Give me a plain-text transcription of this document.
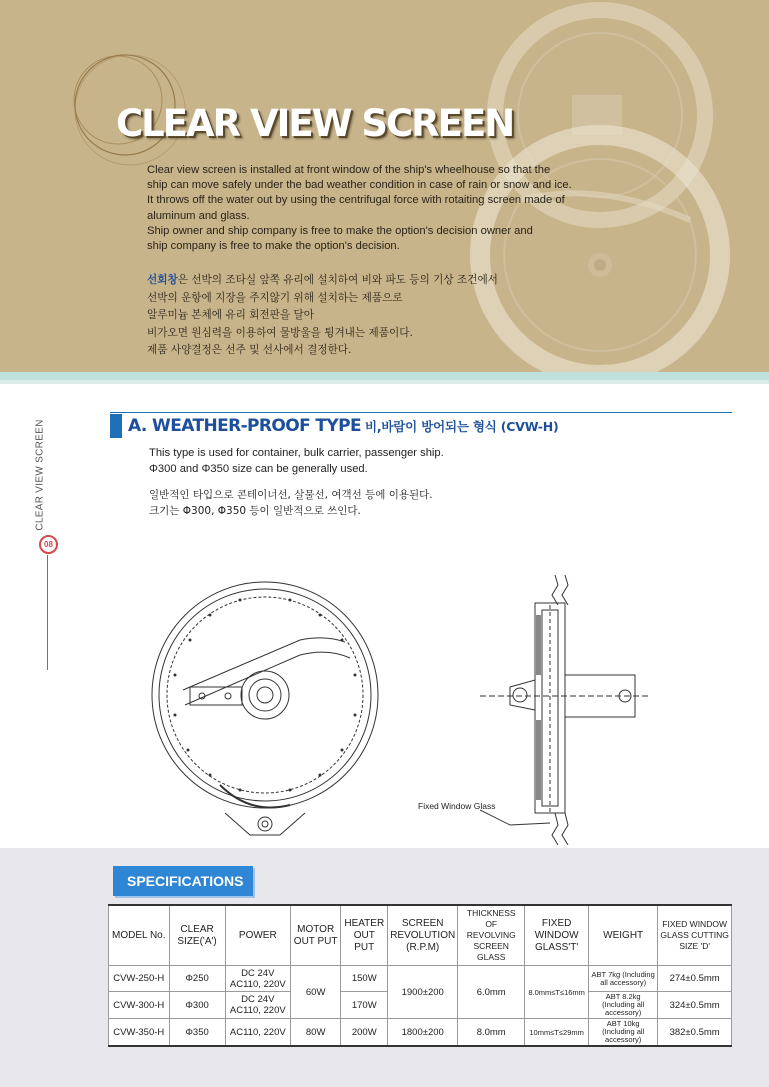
CLEAR VIEW SCREEN

Clear view screen is installed at front window of the ship's wheelhouse so that the

ship can move safely under the bad weather condition in case of rain or snow and ice.

It throws off the water out by using the centrifugal force with rotaiting screen made of

aluminum and glass.

Ship owner and ship company is free to make the option's decision owner and

ship company is free to make the option's decision.

선회창은 선박의 조타실 앞쪽 유리에 설치하여 비와 파도 등의 기상 조건에서

선박의 운항에 지장을 주지않기 위해 설치하는 제품으로

알루미늄 본체에 유리 회전판을 달아

비가오면 원심력을 이용하여 물방울을 튕겨내는 제품이다.

제품 사양결정은 선주 및 선사에서 결정한다.

CLEAR VIEW SCREEN
08
A. WEATHER-PROOF TYPE 비,바람이 방어되는 형식 (CVW-H)

This type is used for container, bulk carrier, passenger ship.

Φ300 and Φ350 size can be generally used.

일반적인 타입으로 콘테이너선, 살물선, 여객선 등에 이용된다.

크기는 Φ300, Φ350 등이 일반적으로 쓰인다.

Fixed Window Glass
SPECIFICATIONS
MODEL No.	CLEAR SIZE('A')	POWER	MOTOR OUT PUT	HEATER OUT PUT	SCREEN REVOLUTION (R.P.M)	THICKNESS OF REVOLVING SCREEN GLASS	FIXED WINDOW GLASS'T'	WEIGHT	FIXED WINDOW GLASS CUTTING SIZE 'D'
CVW-250-H	Φ250	DC 24V AC110, 220V	60W	150W	1900±200	6.0mm	8.0mm≤T≤16mm	ABT 7kg (Including all accessory)	274±0.5mm
CVW-300-H	Φ300	DC 24V AC110, 220V		170W				ABT 8.2kg (Including all accessory)	324±0.5mm
CVW-350-H	Φ350	AC110, 220V	80W	200W	1800±200	8.0mm	10mm≤T≤29mm	ABT 10kg (Including all accessory)	382±0.5mm
